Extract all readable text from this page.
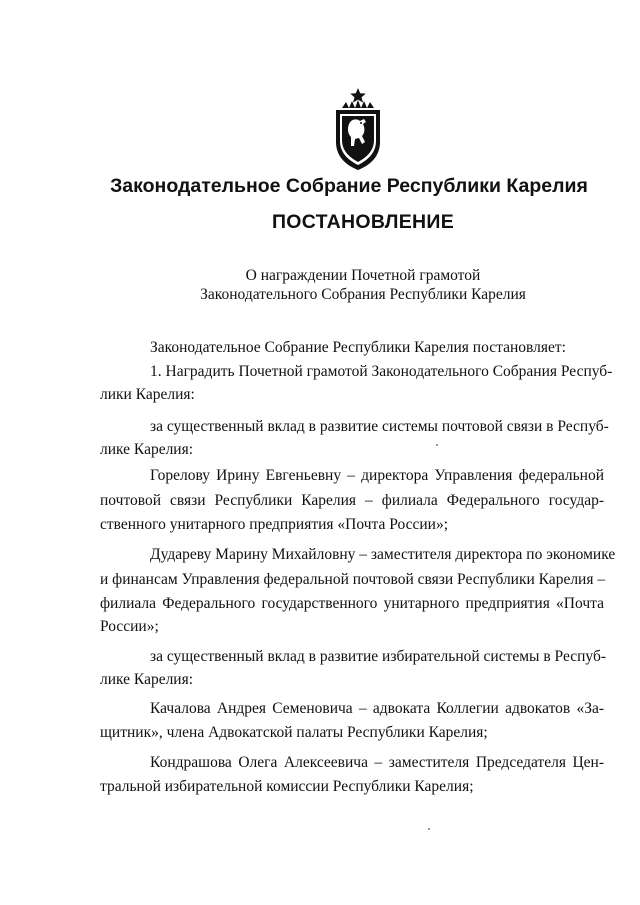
Законодательное Собрание Республики Карелия
ПОСТАНОВЛЕНИЕ
О награждении Почетной грамотой
Законодательного Собрания Республики Карелия

Законодательное Собрание Республики Карелия постановляет:

1. Наградить Почетной грамотой Законодательного Собрания Респуб-

лики Карелия:

за существенный вклад в развитие системы почтовой связи в Респуб-

лике Карелия:

Горелову Ирину Евгеньевну – директора Управления федеральной

почтовой связи Республики Карелия – филиала Федерального государ-

ственного унитарного предприятия «Почта России»;

Дудареву Марину Михайловну – заместителя директора по экономике

и финансам Управления федеральной почтовой связи Республики Карелия –

филиала Федерального государственного унитарного предприятия «Почта

России»;

за существенный вклад в развитие избирательной системы в Респуб-

лике Карелия:

Качалова Андрея Семеновича – адвоката Коллегии адвокатов «За-

щитник», члена Адвокатской палаты Республики Карелия;

Кондрашова Олега Алексеевича – заместителя Председателя Цен-

тральной избирательной комиссии Республики Карелия;
